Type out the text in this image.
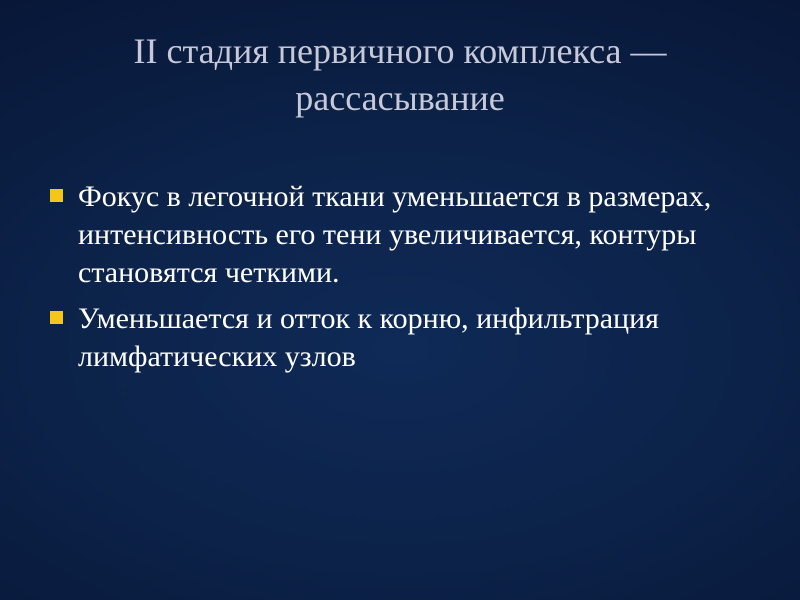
II стадия первичного комплекса — рассасывание
Фокус в легочной ткани уменьшается в размерах, интенсивность его тени увеличивается, контуры становятся четкими.
Уменьшается и отток к корню, инфильтрация лимфатических узлов
